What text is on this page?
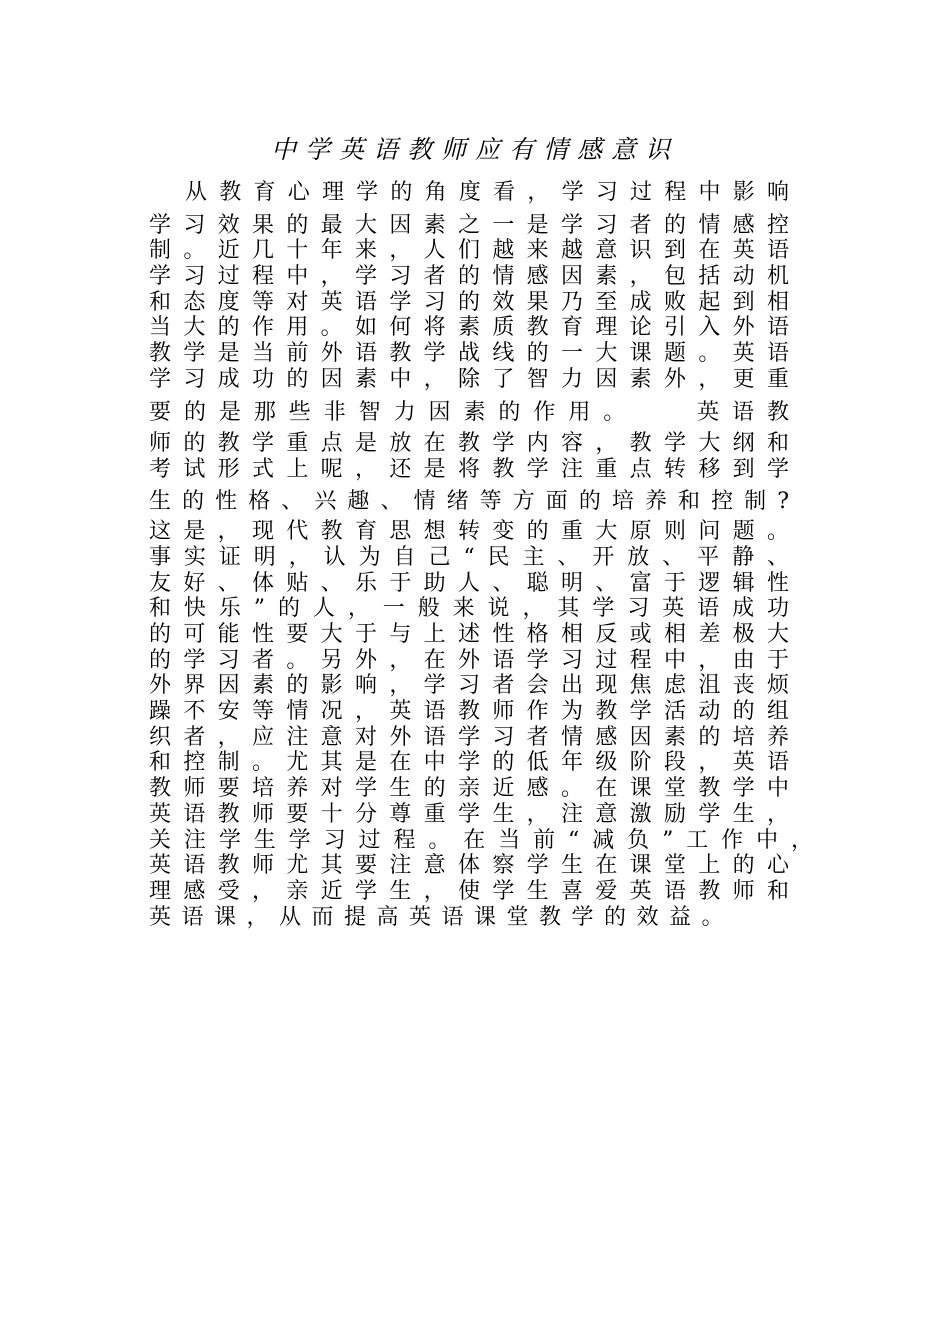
中学英语教师应有情感意识
从教育心理学的角度看，学习过程中影响
学习效果的最大因素之一是学习者的情感控
制。近几十年来，人们越来越意识到在英语
学习过程中，学习者的情感因素，包括动机
和态度等对英语学习的效果乃至成败起到相
当大的作用。如何将素质教育理论引入外语
教学是当前外语教学战线的一大课题。英语
学习成功的因素中，除了智力因素外，更重
要的是那些非智力因素的作用。　　英语教
师的教学重点是放在教学内容，教学大纲和
考试形式上呢，还是将教学注重点转移到学
生的性格、兴趣、情绪等方面的培养和控制?
这是，现代教育思想转变的重大原则问题。
事实证明，认为自己“民主、开放、平静、
友好、体贴、乐于助人、聪明、富于逻辑性
和快乐”的人，一般来说，其学习英语成功
的可能性要大于与上述性格相反或相差极大
的学习者。另外，在外语学习过程中，由于
外界因素的影响，学习者会出现焦虑沮丧烦
躁不安等情况，英语教师作为教学活动的组
织者，应注意对外语学习者情感因素的培养
和控制。尤其是在中学的低年级阶段，英语
教师要培养对学生的亲近感。在课堂教学中
英语教师要十分尊重学生，注意激励学生，
关注学生学习过程。在当前“减负”工作中，
英语教师尤其要注意体察学生在课堂上的心
理感受，亲近学生，使学生喜爱英语教师和
英语课，从而提高英语课堂教学的效益。
